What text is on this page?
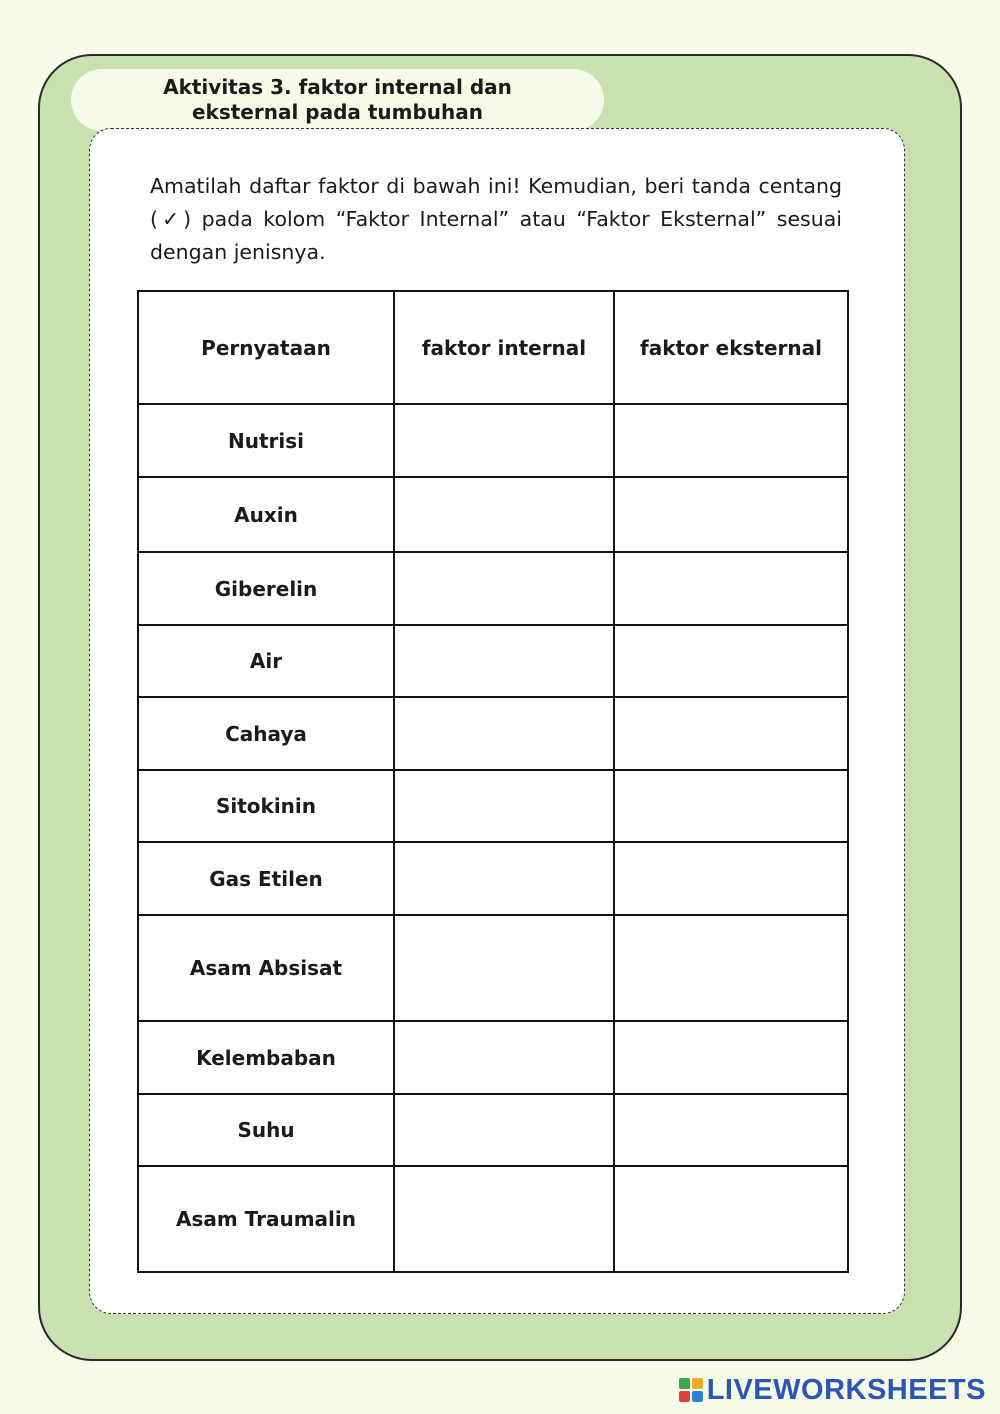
Aktivitas 3. faktor internal dan
eksternal pada tumbuhan

Amatilah daftar faktor di bawah ini! Kemudian, beri tanda centang (✓) pada kolom “Faktor Internal” atau “Faktor Eksternal” sesuai dengan jenisnya.

Pernyataan	faktor internal	faktor eksternal
Nutrisi		
Auxin		
Giberelin		
Air		
Cahaya		
Sitokinin		
Gas Etilen		
Asam Absisat		
Kelembaban		
Suhu		
Asam Traumalin		
LIVEWORKSHEETS
